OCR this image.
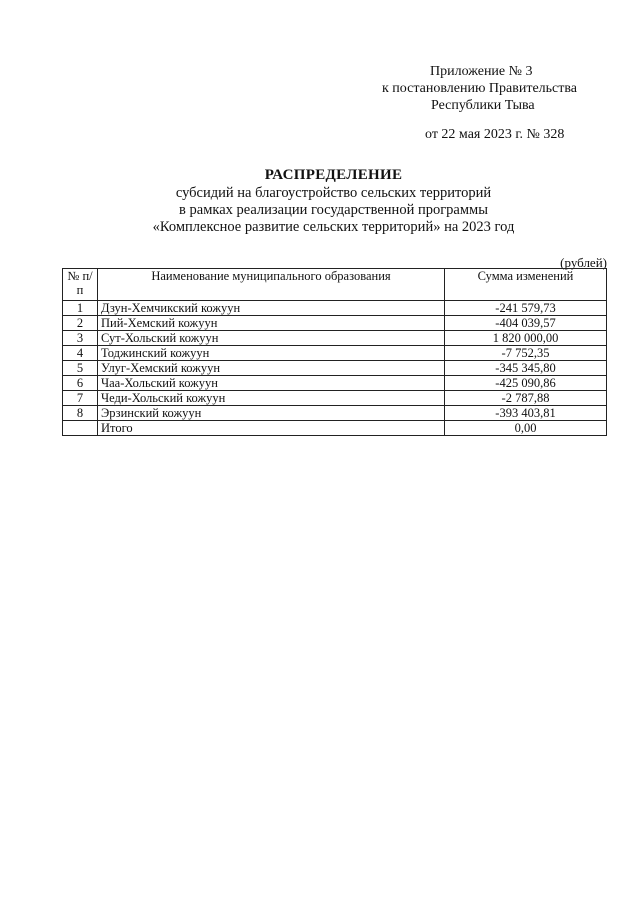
Приложение № 3
к постановлению Правительства
Республики Тыва
от 22 мая 2023 г. № 328
РАСПРЕДЕЛЕНИЕ
субсидий на благоустройство сельских территорий
в рамках реализации государственной программы
«Комплексное развитие сельских территорий» на 2023 год
(рублей)
№ п/п	Наименование муниципального образования	Сумма изменений
1	Дзун-Хемчикский кожуун	-241 579,73
2	Пий-Хемский кожуун	-404 039,57
3	Сут-Хольский кожуун	1 820 000,00
4	Тоджинский кожуун	-7 752,35
5	Улуг-Хемский кожуун	-345 345,80
6	Чаа-Хольский кожуун	-425 090,86
7	Чеди-Хольский кожуун	-2 787,88
8	Эрзинский кожуун	-393 403,81
	Итого	0,00
